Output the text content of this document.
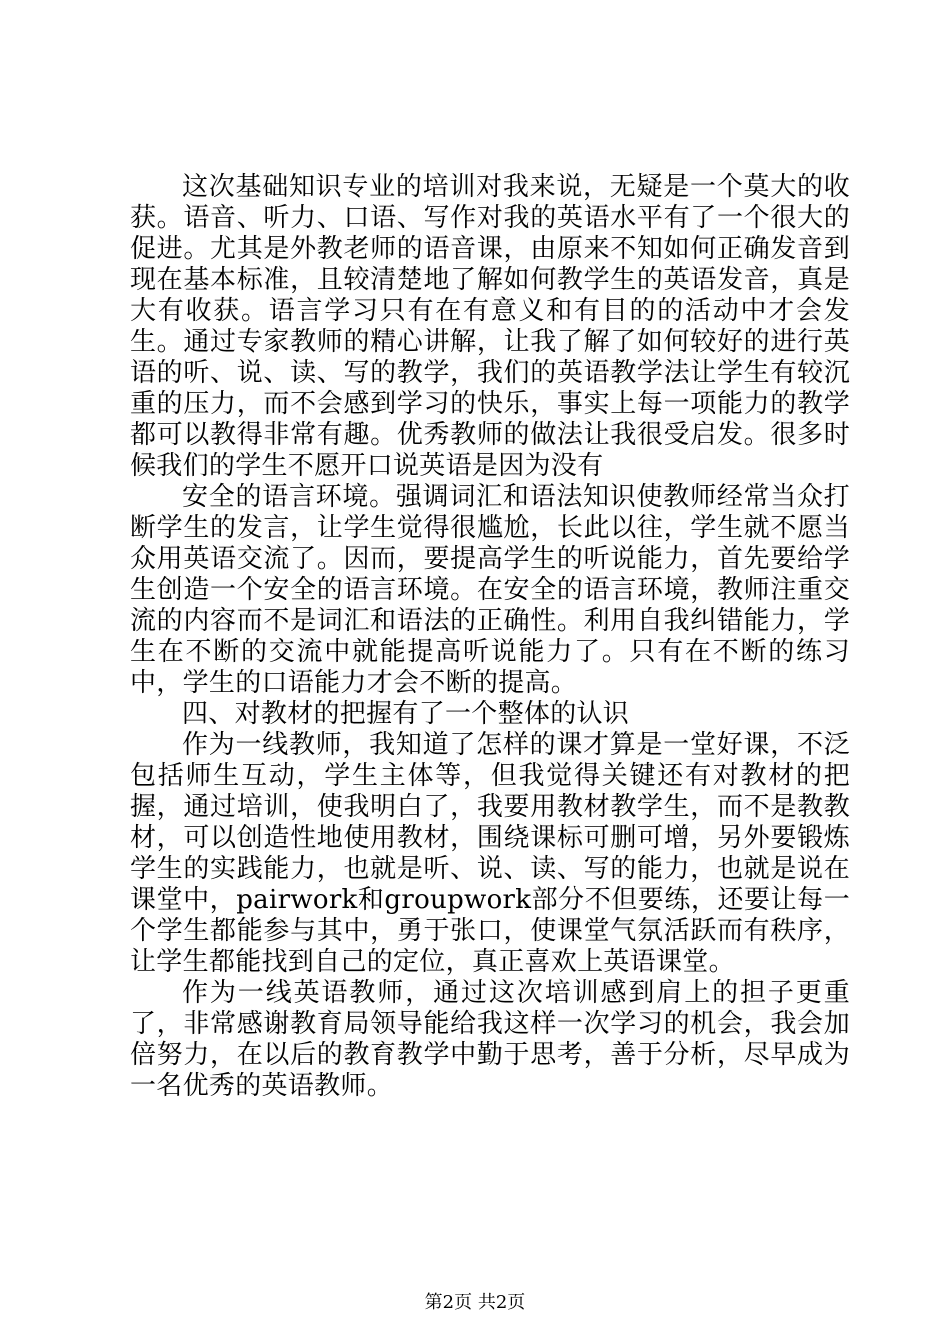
这次基础知识专业的培训对我来说，无疑是一个莫大的收获。语音、听力、口语、写作对我的英语水平有了一个很大的促进。尤其是外教老师的语音课，由原来不知如何正确发音到现在基本标准，且较清楚地了解如何教学生的英语发音，真是大有收获。语言学习只有在有意义和有目的的活动中才会发生。通过专家教师的精心讲解，让我了解了如何较好的进行英语的听、说、读、写的教学，我们的英语教学法让学生有较沉重的压力，而不会感到学习的快乐，事实上每一项能力的教学都可以教得非常有趣。优秀教师的做法让我很受启发。很多时候我们的学生不愿开口说英语是因为没有

安全的语言环境。强调词汇和语法知识使教师经常当众打断学生的发言，让学生觉得很尴尬，长此以往，学生就不愿当众用英语交流了。因而，要提高学生的听说能力，首先要给学生创造一个安全的语言环境。在安全的语言环境，教师注重交流的内容而不是词汇和语法的正确性。利用自我纠错能力，学生在不断的交流中就能提高听说能力了。只有在不断的练习中，学生的口语能力才会不断的提高。

四、对教材的把握有了一个整体的认识

作为一线教师，我知道了怎样的课才算是一堂好课，不泛包括师生互动，学生主体等，但我觉得关键还有对教材的把握，通过培训，使我明白了，我要用教材教学生，而不是教教材，可以创造性地使用教材，围绕课标可删可增，另外要锻炼学生的实践能力，也就是听、说、读、写的能力，也就是说在课堂中，pairwork和groupwork部分不但要练，还要让每一个学生都能参与其中，勇于张口，使课堂气氛活跃而有秩序，让学生都能找到自己的定位，真正喜欢上英语课堂。

作为一线英语教师，通过这次培训感到肩上的担子更重了，非常感谢教育局领导能给我这样一次学习的机会，我会加倍努力，在以后的教育教学中勤于思考，善于分析，尽早成为一名优秀的英语教师。

第2页 共2页
